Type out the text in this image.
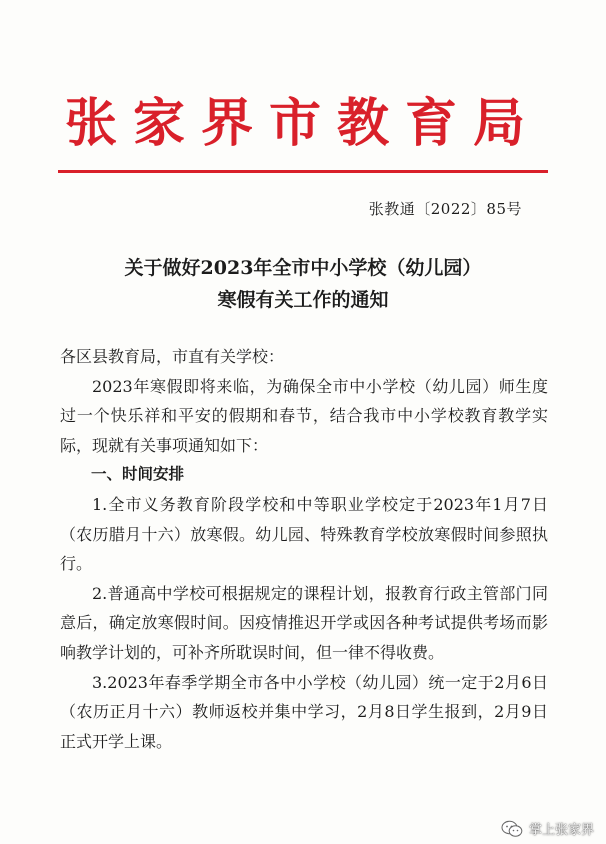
张家界市教育局
张教通〔2022〕85号
关于做好2023年全市中小学校（幼儿园）
寒假有关工作的通知

各区县教育局，市直有关学校：

2023年寒假即将来临，为确保全市中小学校（幼儿园）师生度过一个快乐祥和平安的假期和春节，结合我市中小学校教育教学实际，现就有关事项通知如下：

一、时间安排

1.全市义务教育阶段学校和中等职业学校定于2023年1月7日（农历腊月十六）放寒假。幼儿园、特殊教育学校放寒假时间参照执行。

2.普通高中学校可根据规定的课程计划，报教育行政主管部门同意后，确定放寒假时间。因疫情推迟开学或因各种考试提供考场而影响教学计划的，可补齐所耽误时间，但一律不得收费。

3.2023年春季学期全市各中小学校（幼儿园）统一定于2月6日（农历正月十六）教师返校并集中学习，2月8日学生报到，2月9日正式开学上课。

掌上张家界
